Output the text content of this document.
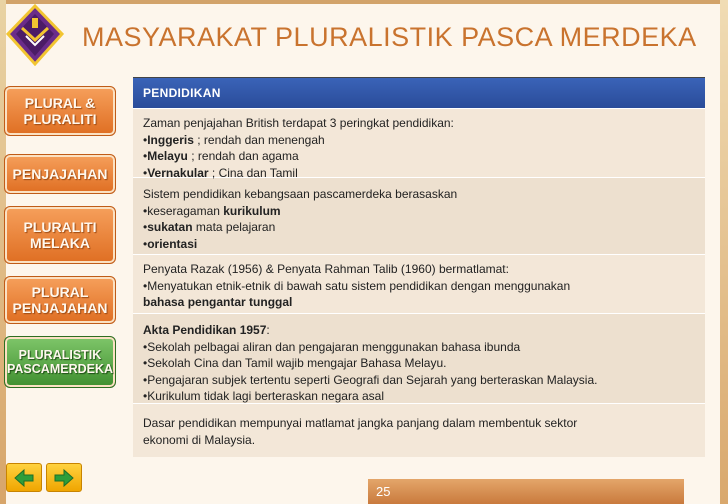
MASYARAKAT PLURALISTIK PASCA MERDEKA
PLURAL &
PLURALITI
PENJAJAHAN
PLURALITI
MELAKA
PLURAL
PENJAJAHAN
PLURALISTIK
PASCAMERDEKA
PENDIDIKAN
Zaman penjajahan British terdapat 3 peringkat pendidikan:
•Inggeris ; rendah dan menengah
•Melayu ; rendah dan agama
•Vernakular ; Cina dan Tamil
Sistem pendidikan kebangsaan pascamerdeka berasaskan
•keseragaman kurikulum
•sukatan mata pelajaran
•orientasi
Penyata Razak (1956) & Penyata Rahman Talib (1960) bermatlamat:
•Menyatukan etnik-etnik di bawah satu sistem pendidikan dengan menggunakan
bahasa pengantar tunggal
Akta Pendidikan 1957:
•Sekolah pelbagai aliran dan pengajaran menggunakan bahasa ibunda
•Sekolah Cina dan Tamil wajib mengajar Bahasa Melayu.
•Pengajaran subjek tertentu seperti Geografi dan Sejarah yang berteraskan Malaysia.
•Kurikulum tidak lagi berteraskan negara asal
Dasar pendidikan mempunyai matlamat jangka panjang dalam membentuk sektor
ekonomi di Malaysia.
25
